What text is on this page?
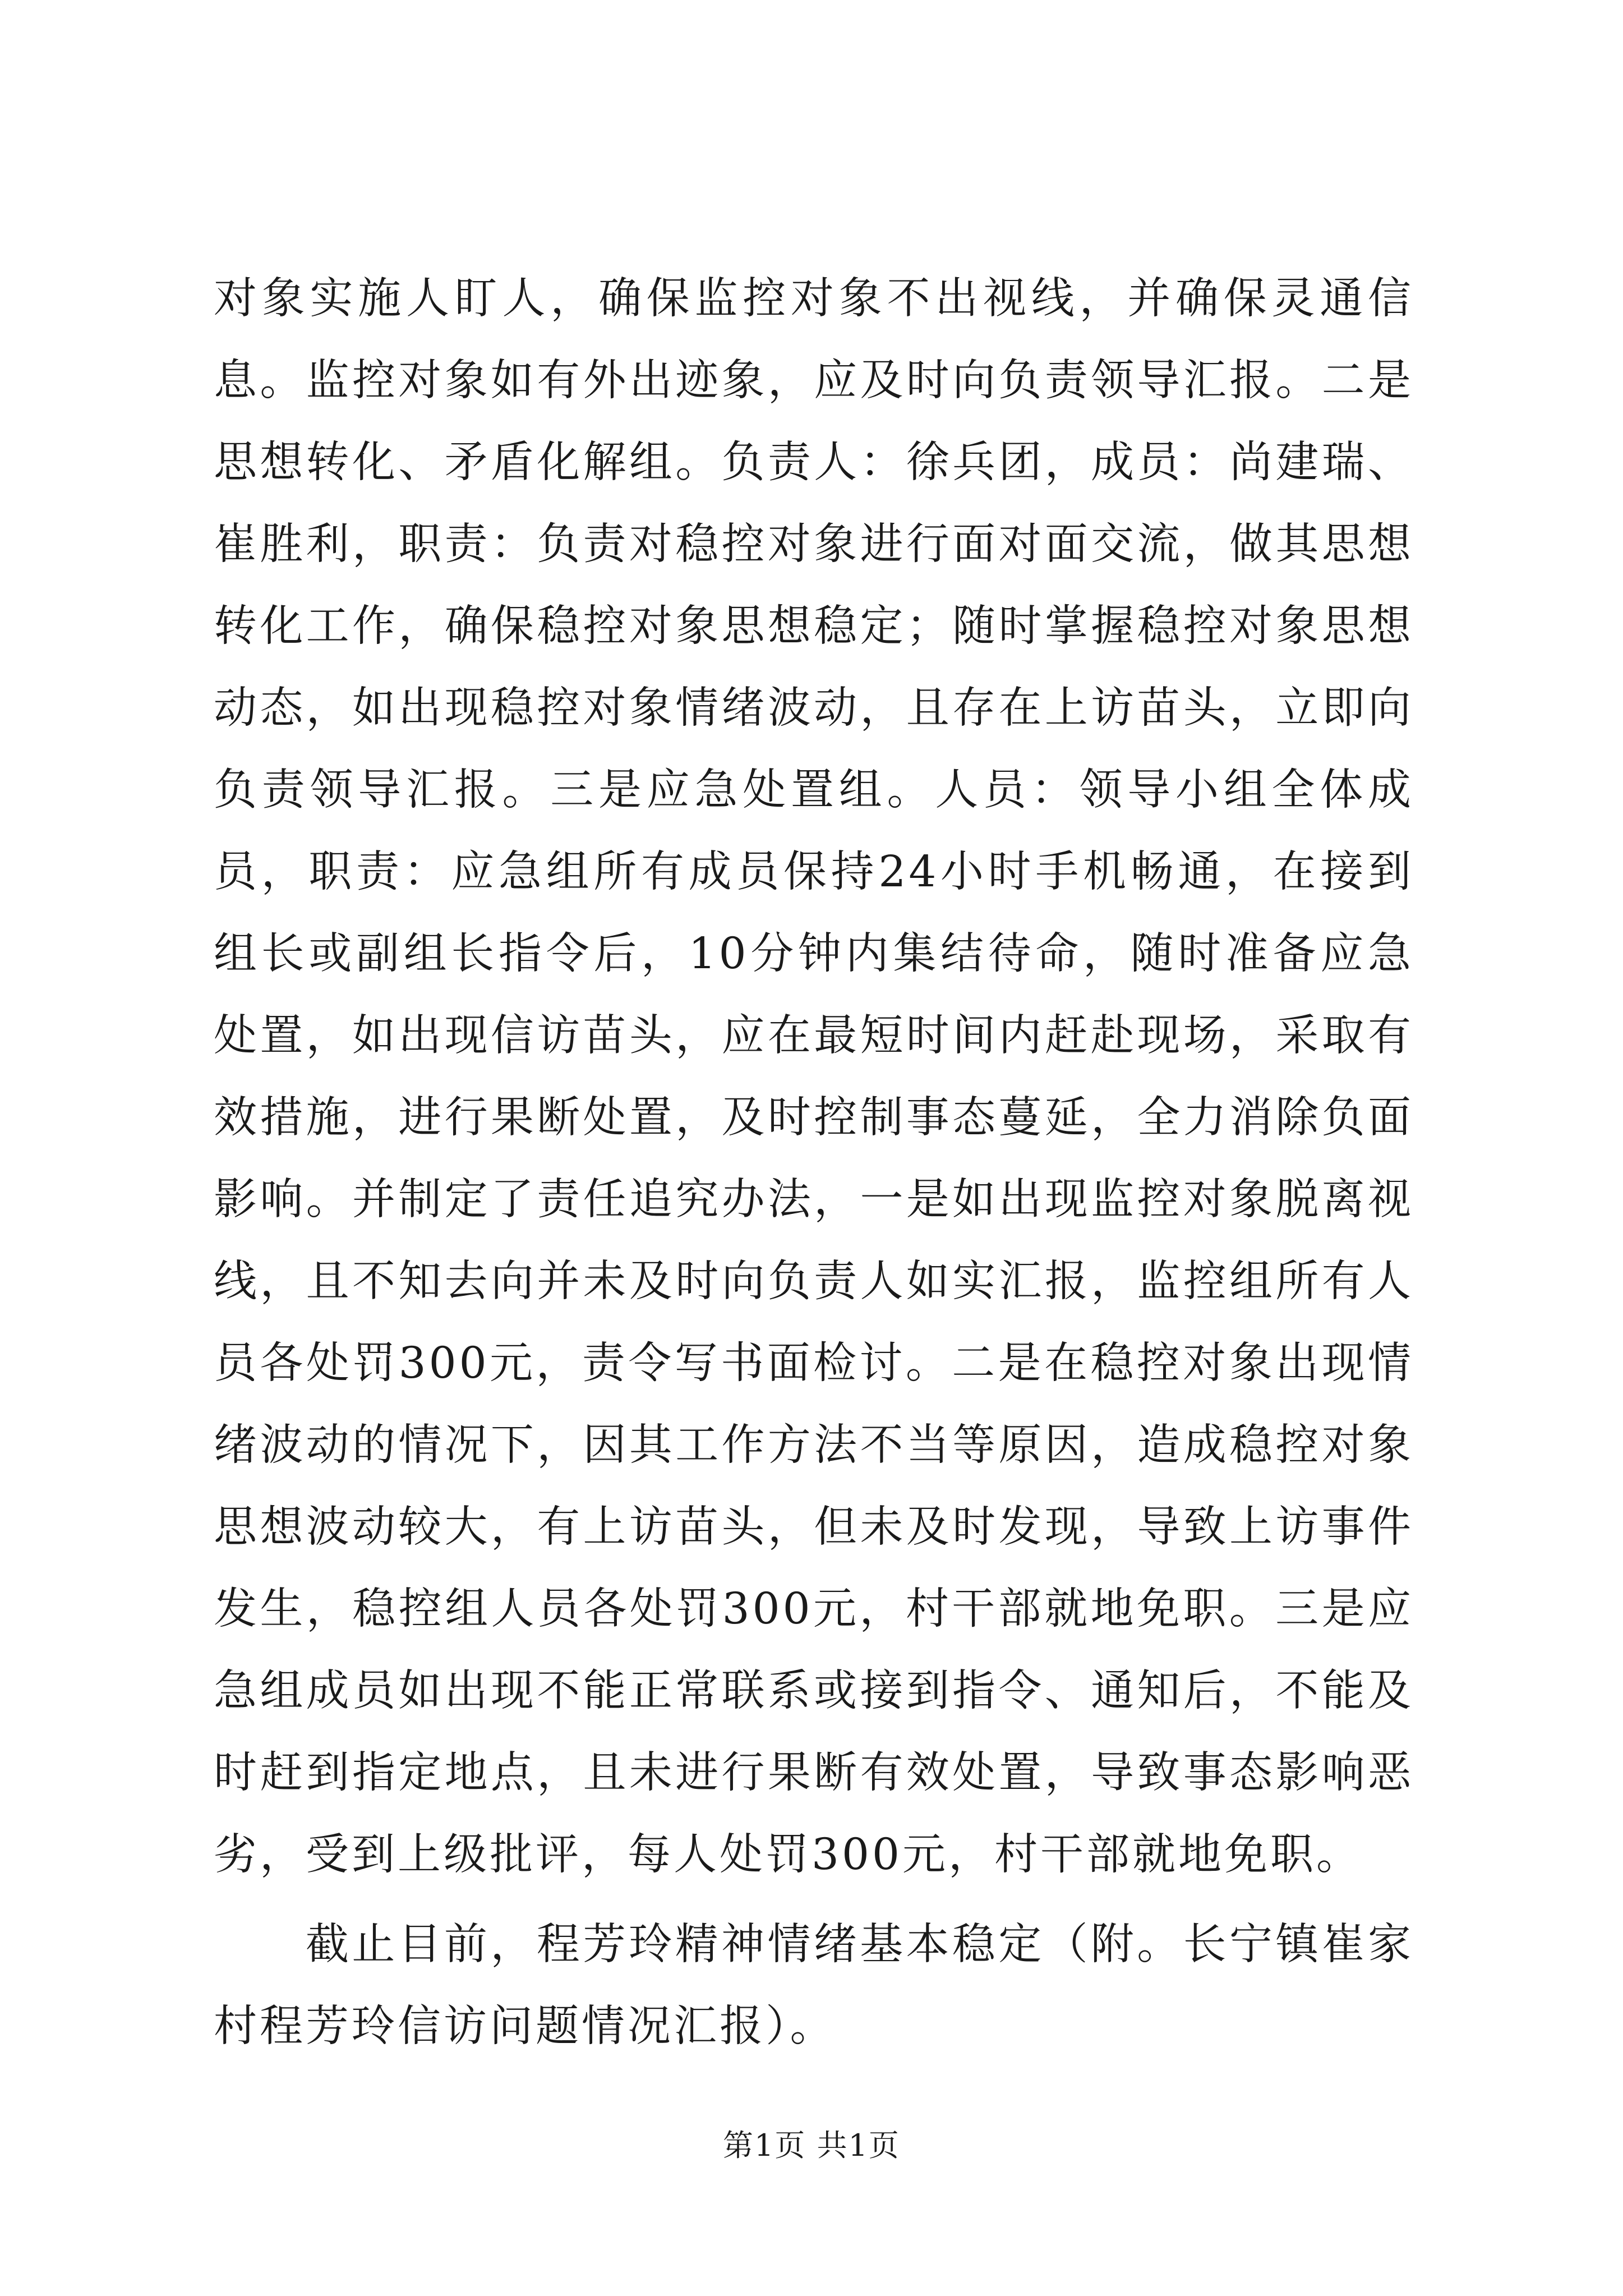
对象实施人盯人，确保监控对象不出视线，并确保灵通信息。监控对象如有外出迹象，应及时向负责领导汇报。二是思想转化、矛盾化解组。负责人：徐兵团，成员：尚建瑞、崔胜利，职责：负责对稳控对象进行面对面交流，做其思想转化工作，确保稳控对象思想稳定；随时掌握稳控对象思想动态，如出现稳控对象情绪波动，且存在上访苗头，立即向负责领导汇报。三是应急处置组。人员：领导小组全体成员，职责：应急组所有成员保持24小时手机畅通，在接到组长或副组长指令后，10分钟内集结待命，随时准备应急处置，如出现信访苗头，应在最短时间内赶赴现场，采取有效措施，进行果断处置，及时控制事态蔓延，全力消除负面影响。并制定了责任追究办法，一是如出现监控对象脱离视线，且不知去向并未及时向负责人如实汇报，监控组所有人员各处罚300元，责令写书面检讨。二是在稳控对象出现情绪波动的情况下，因其工作方法不当等原因，造成稳控对象思想波动较大，有上访苗头，但未及时发现，导致上访事件发生，稳控组人员各处罚300元，村干部就地免职。三是应急组成员如出现不能正常联系或接到指令、通知后，不能及时赶到指定地点，且未进行果断有效处置，导致事态影响恶劣，受到上级批评，每人处罚300元，村干部就地免职。

截止目前，程芳玲精神情绪基本稳定（附。长宁镇崔家村程芳玲信访问题情况汇报）。

第1页 共1页
